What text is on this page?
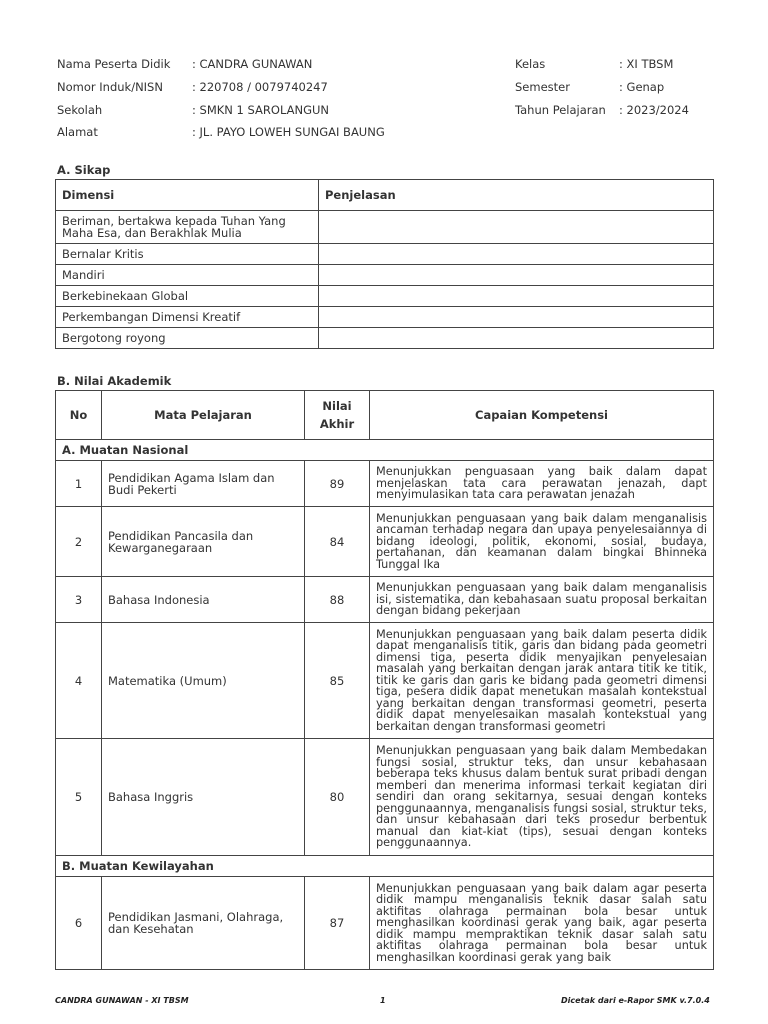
Nama Peserta Didik : CANDRA GUNAWAN
Nomor Induk/NISN	: 220708 / 0079740247
Sekolah	: SMKN 1 SAROLANGUN
Alamat	: JL. PAYO LOWEH SUNGAI BAUNG
Kelas	: XI TBSM
Semester	: Genap
Tahun Pelajaran : 2023/2024
A. Sikap
Dimensi	Penjelasan
Beriman, bertakwa kepada Tuhan Yang Maha Esa, dan Berakhlak Mulia	
Bernalar Kritis	
Mandiri	
Berkebinekaan Global	
Perkembangan Dimensi Kreatif	
Bergotong royong	
B. Nilai Akademik
No	Mata Pelajaran	Nilai Akhir	Capaian Kompetensi
A. Muatan Nasional			
1	Pendidikan Agama Islam dan Budi Pekerti	89	Menunjukkan penguasaan yang baik dalam dapat menjelaskan tata cara perawatan jenazah, dapt menyimulasikan tata cara perawatan jenazah
2	Pendidikan Pancasila dan Kewarganegaraan	84	Menunjukkan penguasaan yang baik dalam menganalisis ancaman terhadap negara dan upaya penyelesaiannya di bidang ideologi, politik, ekonomi, sosial, budaya, pertahanan, dan keamanan dalam bingkai Bhinneka Tunggal Ika
3	Bahasa Indonesia	88	Menunjukkan penguasaan yang baik dalam menganalisis isi, sistematika, dan kebahasaan suatu proposal berkaitan dengan bidang pekerjaan
4	Matematika (Umum)	85	Menunjukkan penguasaan yang baik dalam peserta didik dapat menganalisis titik, garis dan bidang pada geometri dimensi tiga, peserta didik menyajikan penyelesaian masalah yang berkaitan dengan jarak antara titik ke titik, titik ke garis dan garis ke bidang pada geometri dimensi tiga, pesera didik dapat menetukan masalah kontekstual yang berkaitan dengan transformasi geometri, peserta didik dapat menyelesaikan masalah kontekstual yang berkaitan dengan transformasi geometri
5	Bahasa Inggris	80	Menunjukkan penguasaan yang baik dalam Membedakan fungsi sosial, struktur teks, dan unsur kebahasaan beberapa teks khusus dalam bentuk surat pribadi dengan memberi dan menerima informasi terkait kegiatan diri sendiri dan orang sekitarnya, sesuai dengan konteks penggunaannya, menganalisis fungsi sosial, struktur teks, dan unsur kebahasaan dari teks prosedur berbentuk manual dan kiat-kiat (tips), sesuai dengan konteks penggunaannya.
B. Muatan Kewilayahan			
6	Pendidikan Jasmani, Olahraga, dan Kesehatan	87	Menunjukkan penguasaan yang baik dalam agar peserta didik mampu menganalisis teknik dasar salah satu aktifitas olahraga permainan bola besar untuk menghasilkan koordinasi gerak yang baik, agar peserta didik mampu mempraktikan teknik dasar salah satu aktifitas olahraga permainan bola besar untuk menghasilkan koordinasi gerak yang baik
CANDRA GUNAWAN - XI TBSM	1	Dicetak dari e-Rapor SMK v.7.0.4
